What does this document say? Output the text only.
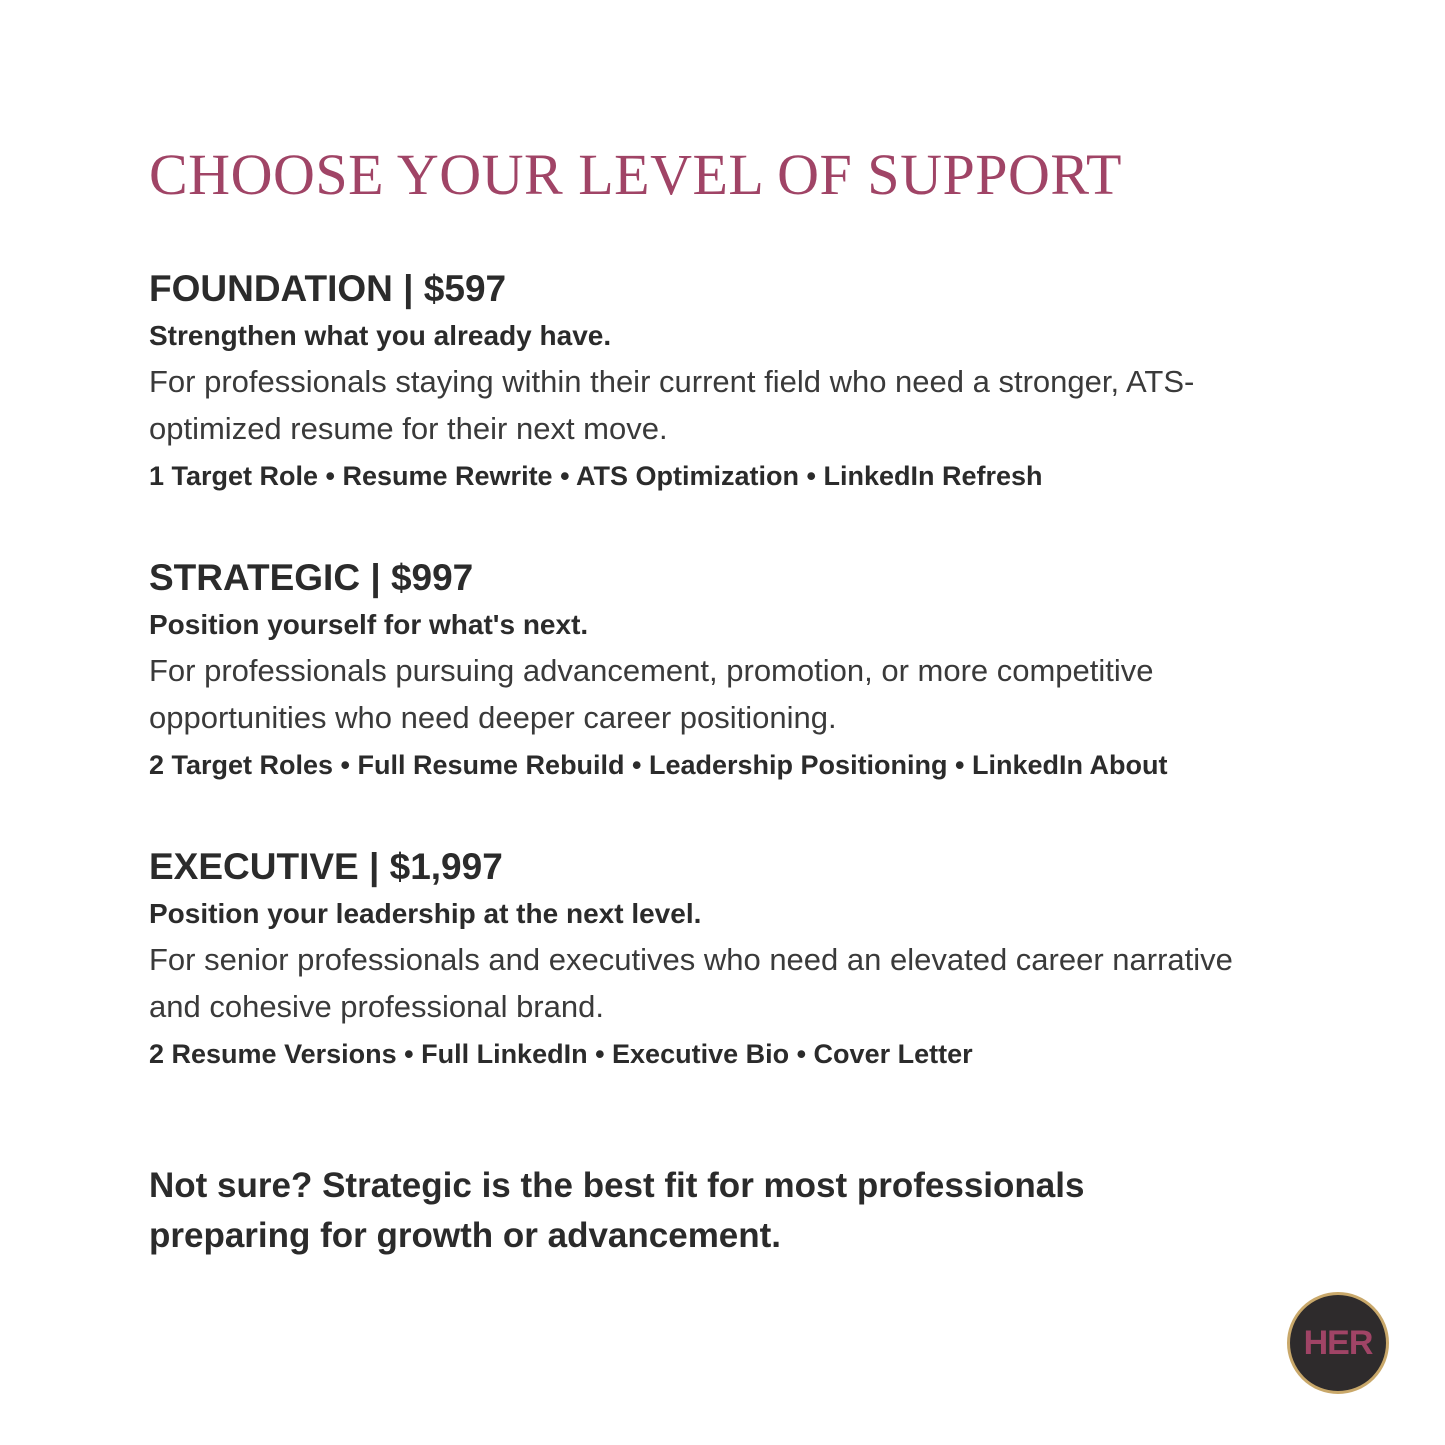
CHOOSE YOUR LEVEL OF SUPPORT
FOUNDATION | $597
Strengthen what you already have.
For professionals staying within their current field who need a stronger, ATS-optimized resume for their next move.
1 Target Role • Resume Rewrite • ATS Optimization • LinkedIn Refresh
STRATEGIC | $997
Position yourself for what's next.
For professionals pursuing advancement, promotion, or more competitive opportunities who need deeper career positioning.
2 Target Roles • Full Resume Rebuild • Leadership Positioning • LinkedIn About
EXECUTIVE | $1,997
Position your leadership at the next level.
For senior professionals and executives who need an elevated career narrative and cohesive professional brand.
2 Resume Versions • Full LinkedIn • Executive Bio • Cover Letter
Not sure? Strategic is the best fit for most professionals preparing for growth or advancement.
HER
